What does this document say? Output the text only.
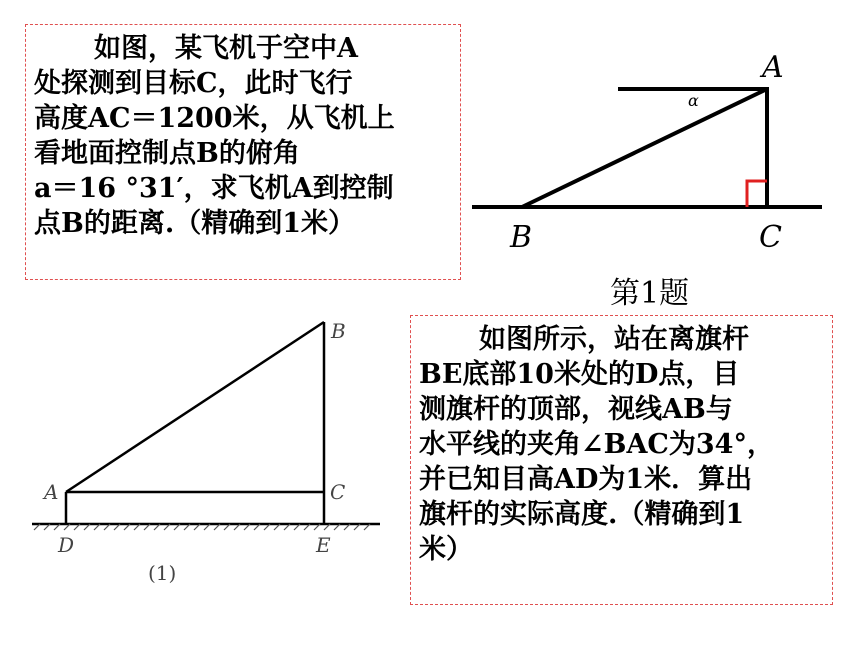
如图，某飞机于空中A
处探测到目标C，此时飞行
高度AC＝1200米，从飞机上
看地面控制点B的俯角
a＝16 °31′，求飞机A到控制
点B的距离.（精确到1米）
A
B	C
α
第1题
B
A	C
D	E
(1)
如图所示，站在离旗杆
BE底部10米处的D点，目
测旗杆的顶部，视线AB与
水平线的夹角∠BAC为34°，
并已知目高AD为1米．算出
旗杆的实际高度.（精确到1
米）
